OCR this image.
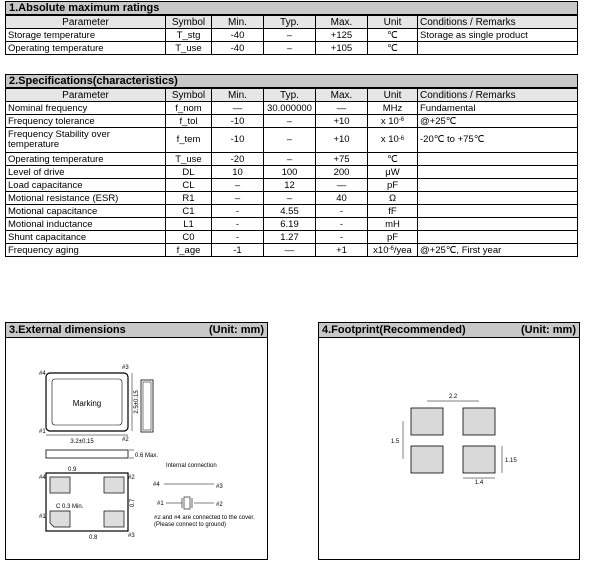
1.Absolute maximum ratings
Parameter	Symbol	Min.	Typ.	Max.	Unit	Conditions / Remarks
Storage temperature	T_stg	-40	–	+125	℃	Storage as single product
Operating temperature	T_use	-40	–	+105	℃	
2.Specifications(characteristics)
Parameter	Symbol	Min.	Typ.	Max.	Unit	Conditions / Remarks
Nominal frequency	f_nom	—	30.000000	—	MHz	Fundamental
Frequency tolerance	f_tol	-10	–	+10	x $10^{-6}$	@+25℃
Frequency Stability over temperature	f_tem	-10	–	+10	x $10^{-6}$	-20℃ to +75℃
Operating temperature	T_use	-20	–	+75	℃	
Level of drive	DL	10	100	200	μW	
Load capacitance	CL	–	12	—	pF	
Motional resistance (ESR)	R1	–	–	40	Ω	
Motional capacitance	C1	-	4.55	-	fF	
Motional inductance	L1	-	6.19	-	mH	
Shunt capacitance	C0	-	1.27	-	pF	
Frequency aging	f_age	-1	—	+1	$x10^{-6}$/yea	@+25℃, First year
3.External dimensions	(Unit: mm)
Marking
#4
#3
#1
#2
3.2±0.15
2.5±0.15
0.6 Max.
#4	#2
#1
#3
0.9
0.7
C 0.3 Min.
0.8
Internal connection
#4	#3
#1	#2
#2 and #4 are connected to the cover. (Please connect to ground)
4.Footprint(Recommended)	(Unit: mm)
2.2
1.5
1.15
1.4
